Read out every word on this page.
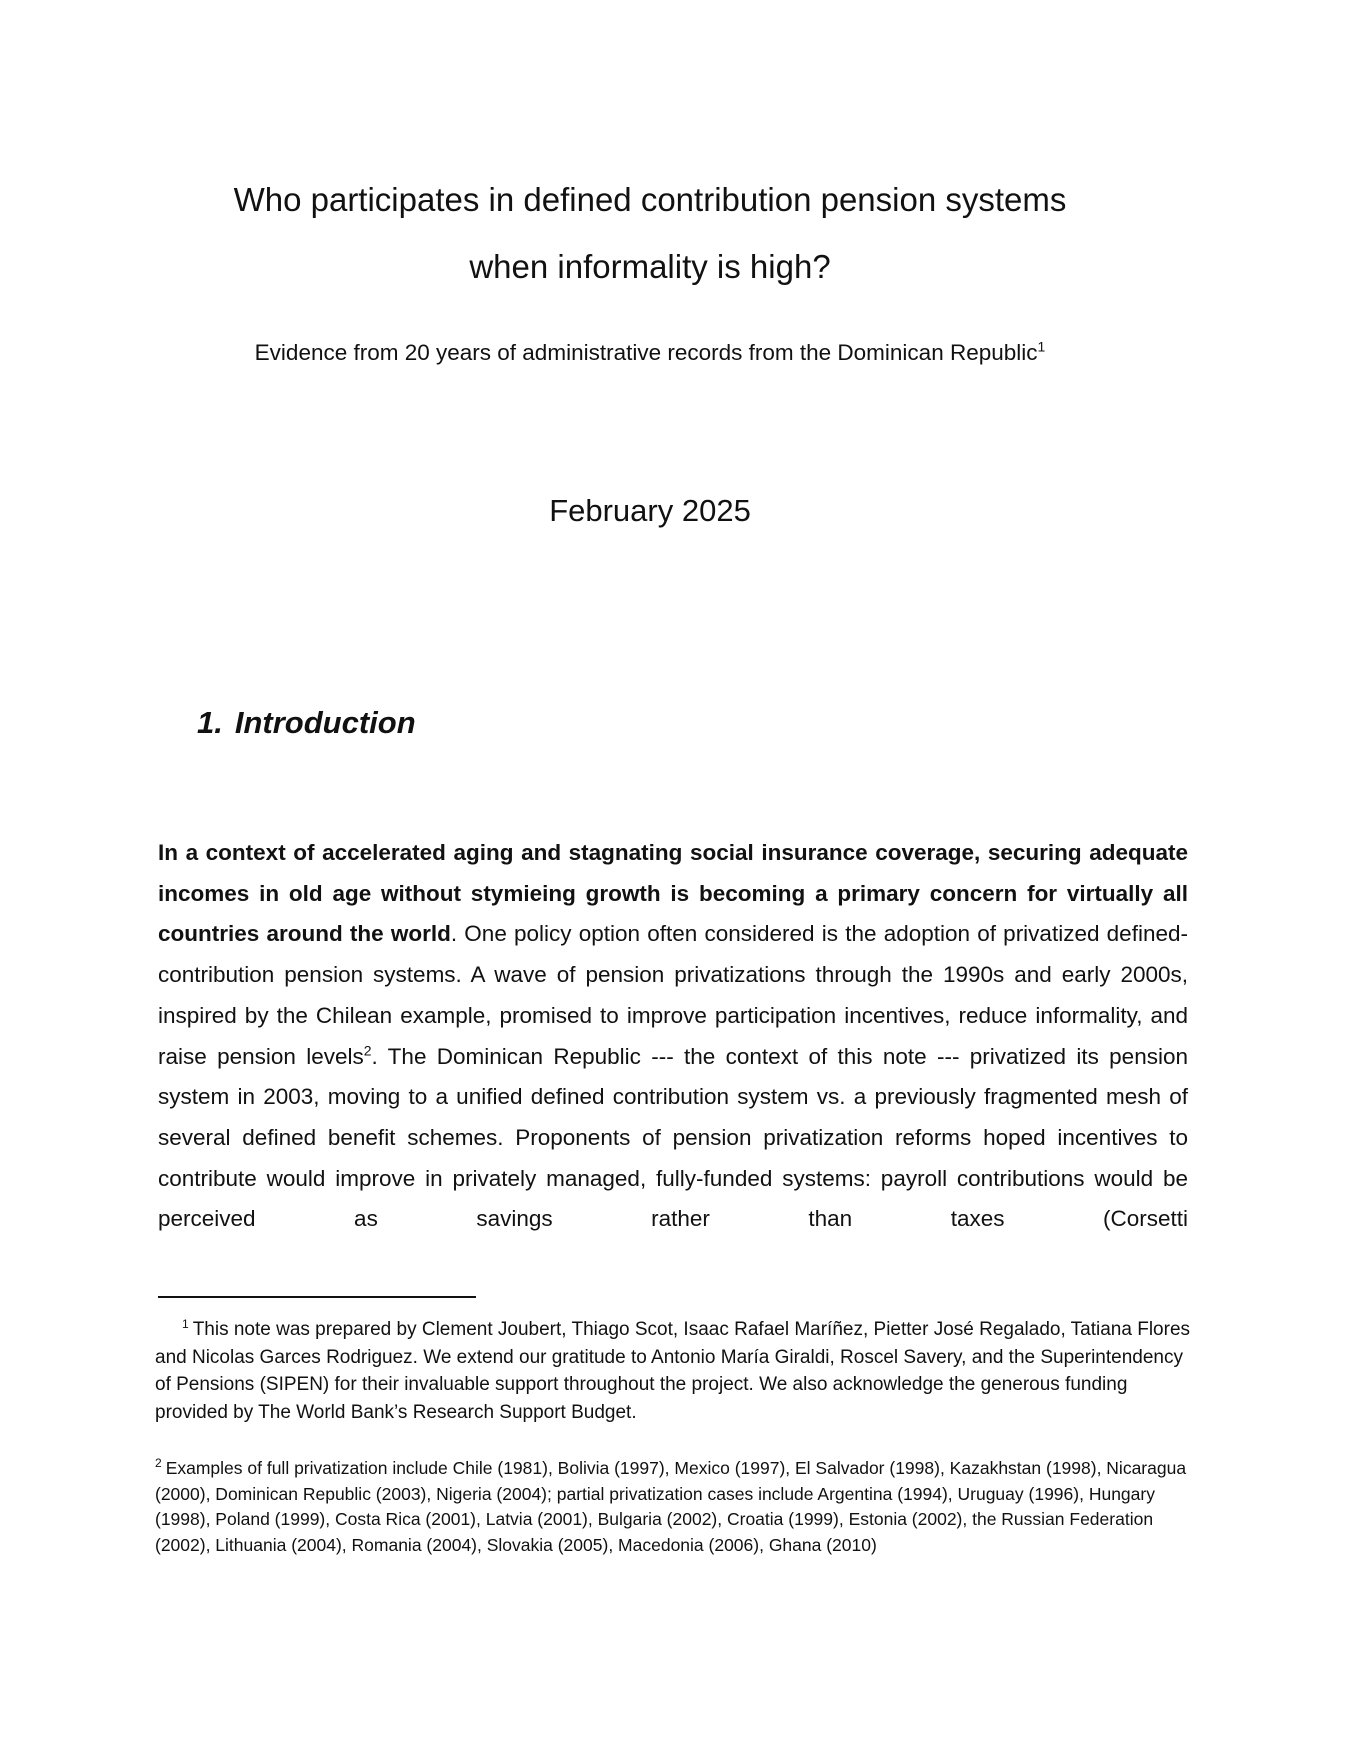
Who participates in defined contribution pension systems
when informality is high?
Evidence from 20 years of administrative records from the Dominican Republic$^1$
February 2025
1. Introduction

In a context of accelerated aging and stagnating social insurance coverage, securing adequate incomes in old age without stymieing growth is becoming a primary concern for virtually all countries around the world. One policy option often considered is the adoption of privatized defined-contribution pension systems. A wave of pension privatizations through the 1990s and early 2000s, inspired by the Chilean example, promised to improve participation incentives, reduce informality, and raise pension levels$^2$. The Dominican Republic --- the context of this note --- privatized its pension system in 2003, moving to a unified defined contribution system vs. a previously fragmented mesh of several defined benefit schemes. Proponents of pension privatization reforms hoped incentives to contribute would improve in privately managed, fully-funded systems: payroll contributions would be perceived as savings rather than taxes (Corsetti

$^1$ This note was prepared by Clement Joubert, Thiago Scot, Isaac Rafael Maríñez, Pietter José Regalado, Tatiana Flores and Nicolas Garces Rodriguez. We extend our gratitude to Antonio María Giraldi, Roscel Savery, and the Superintendency of Pensions (SIPEN) for their invaluable support throughout the project. We also acknowledge the generous funding provided by The World Bank’s Research Support Budget.

$^2$ Examples of full privatization include Chile (1981), Bolivia (1997), Mexico (1997), El Salvador (1998), Kazakhstan (1998), Nicaragua (2000), Dominican Republic (2003), Nigeria (2004); partial privatization cases include Argentina (1994), Uruguay (1996), Hungary (1998), Poland (1999), Costa Rica (2001), Latvia (2001), Bulgaria (2002), Croatia (1999), Estonia (2002), the Russian Federation (2002), Lithuania (2004), Romania (2004), Slovakia (2005), Macedonia (2006), Ghana (2010)
